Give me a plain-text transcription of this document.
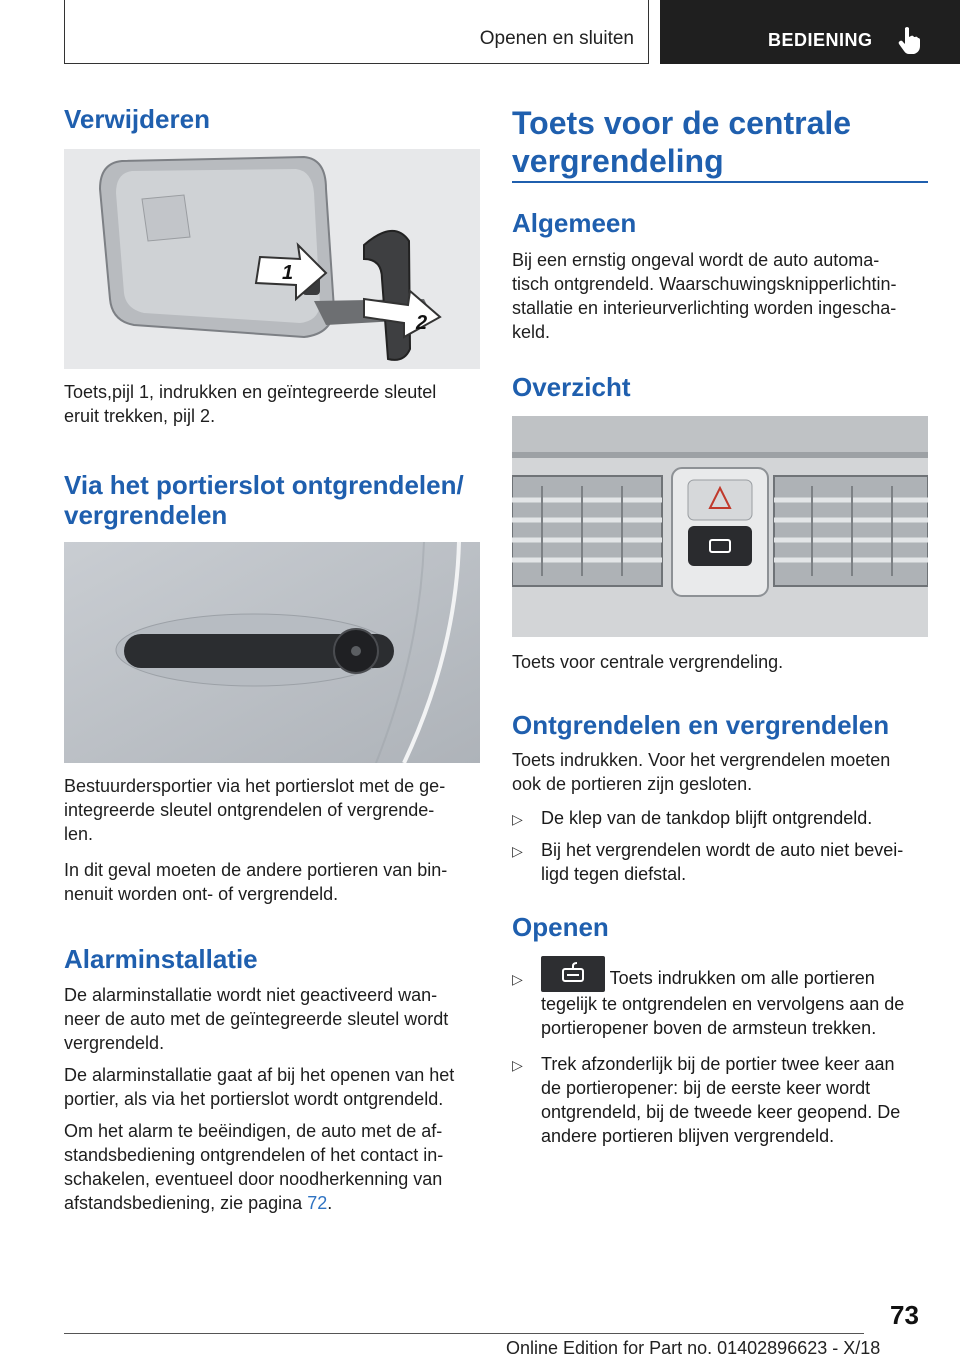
Openen en sluiten	BEDIENING
Verwijderen
1
2

Toets,pijl 1, indrukken en geïntegreerde sleutel
eruit trekken, pijl 2.

Via het portierslot ontgrendelen/
vergrendelen

Bestuurdersportier via het portierslot met de ge‐
integreerde sleutel ontgrendelen of vergrende‐
len.

In dit geval moeten de andere portieren van bin‐
nenuit worden ont- of vergrendeld.

Alarminstallatie

De alarminstallatie wordt niet geactiveerd wan‐
neer de auto met de geïntegreerde sleutel wordt
vergrendeld.

De alarminstallatie gaat af bij het openen van het
portier, als via het portierslot wordt ontgrendeld.

Om het alarm te beëindigen, de auto met de af‐
standsbediening ontgrendelen of het contact in‐
schakelen, eventueel door noodherkenning van
afstandsbediening, zie pagina 72.

Toets voor de centrale
vergrendeling
Algemeen

Bij een ernstig ongeval wordt de auto automa‐
tisch ontgrendeld. Waarschuwingsknipperlichtin‐
stallatie en interieurverlichting worden ingescha‐
keld.

Overzicht

Toets voor centrale vergrendeling.

Ontgrendelen en vergrendelen

Toets indrukken. Voor het vergrendelen moeten
ook de portieren zijn gesloten.

▷ De klep van de tankdop blijft ontgrendeld.
▷ Bij het vergrendelen wordt de auto niet bevei‐
ligd tegen diefstal.
Openen
▷	Toets indrukken om alle portieren
tegelijk te ontgrendelen en vervolgens aan de
portieropener boven de armsteun trekken.
▷ Trek afzonderlijk bij de portier twee keer aan
de portieropener: bij de eerste keer wordt
ontgrendeld, bij de tweede keer geopend. De
andere portieren blijven vergrendeld.
73
Online Edition for Part no. 01402896623 - X/18
